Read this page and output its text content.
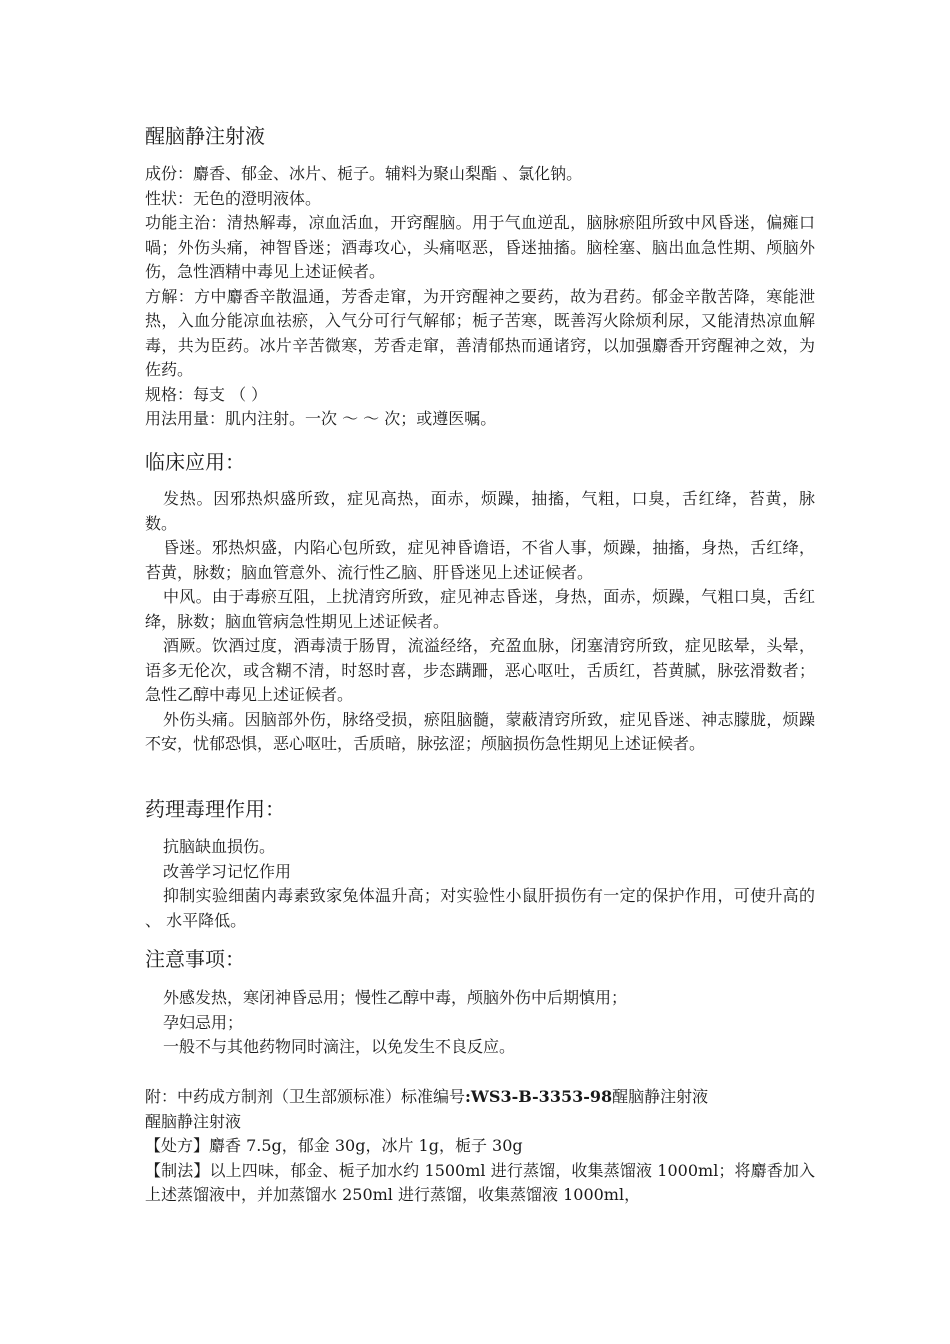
醒脑静注射液

成份：麝香、郁金、冰片、栀子。辅料为聚山梨酯 、氯化钠。

性状：无色的澄明液体。

功能主治：清热解毒，凉血活血，开窍醒脑。用于气血逆乱，脑脉瘀阻所致中风昏迷，偏瘫口喎；外伤头痛，神智昏迷；酒毒攻心，头痛呕恶，昏迷抽搐。脑栓塞、脑出血急性期、颅脑外伤，急性酒精中毒见上述证候者。

方解：方中麝香辛散温通，芳香走窜，为开窍醒神之要药，故为君药。郁金辛散苦降，寒能泄热，入血分能凉血祛瘀，入气分可行气解郁；栀子苦寒，既善泻火除烦利尿，又能清热凉血解毒，共为臣药。冰片辛苦微寒，芳香走窜，善清郁热而通诸窍，以加强麝香开窍醒神之效，为佐药。

规格：每支 （ ）

用法用量：肌内注射。一次 ～ ～ 次；或遵医嘱。

临床应用：

发热。因邪热炽盛所致，症见高热，面赤，烦躁，抽搐，气粗，口臭，舌红绛，苔黄，脉数。

昏迷。邪热炽盛，内陷心包所致，症见神昏谵语，不省人事，烦躁，抽搐，身热，舌红绛，苔黄，脉数；脑血管意外、流行性乙脑、肝昏迷见上述证候者。

中风。由于毒瘀互阻，上扰清窍所致，症见神志昏迷，身热，面赤，烦躁，气粗口臭，舌红绛，脉数；脑血管病急性期见上述证候者。

酒厥。饮酒过度，酒毒渍于肠胃，流溢经络，充盈血脉，闭塞清窍所致，症见眩晕，头晕，语多无伦次，或含糊不清，时怒时喜，步态蹒跚，恶心呕吐，舌质红，苔黄腻，脉弦滑数者；急性乙醇中毒见上述证候者。

外伤头痛。因脑部外伤，脉络受损，瘀阻脑髓，蒙蔽清窍所致，症见昏迷、神志朦胧，烦躁不安，忧郁恐惧，恶心呕吐，舌质暗，脉弦涩；颅脑损伤急性期见上述证候者。

药理毒理作用：

抗脑缺血损伤。

改善学习记忆作用

抑制实验细菌内毒素致家兔体温升高；对实验性小鼠肝损伤有一定的保护作用，可使升高的 、 水平降低。

注意事项：

外感发热，寒闭神昏忌用；慢性乙醇中毒，颅脑外伤中后期慎用；

孕妇忌用；

一般不与其他药物同时滴注，以免发生不良反应。

附：中药成方制剂（卫生部颁标准）标准编号:WS3-B-3353-98醒脑静注射液

醒脑静注射液

【处方】麝香 7.5g，郁金 30g，冰片 1g，栀子 30g

【制法】以上四味，郁金、栀子加水约 1500ml 进行蒸馏，收集蒸馏液 1000ml；将麝香加入上述蒸馏液中，并加蒸馏水 250ml 进行蒸馏，收集蒸馏液 1000ml，
